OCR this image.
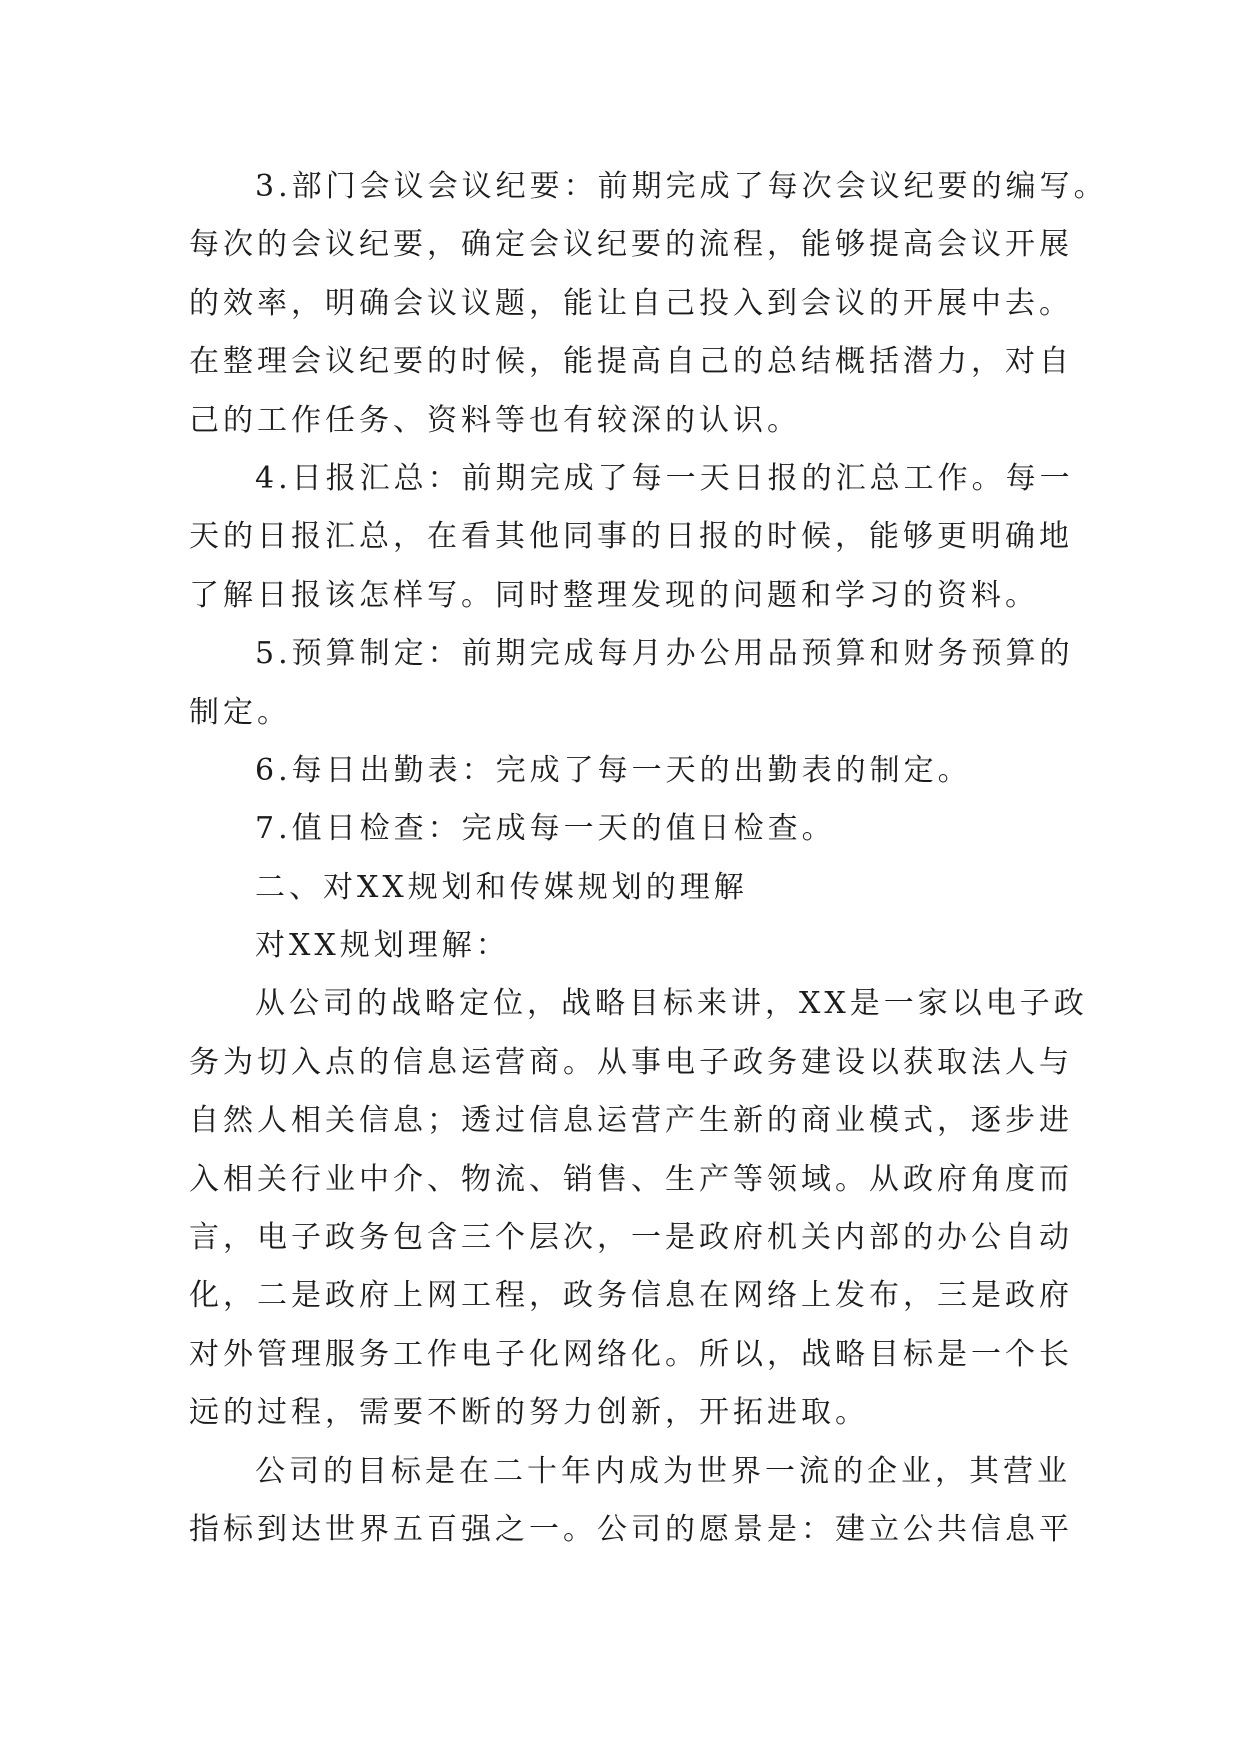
3.部门会议会议纪要：前期完成了每次会议纪要的编写。
每次的会议纪要，确定会议纪要的流程，能够提高会议开展
的效率，明确会议议题，能让自己投入到会议的开展中去。
在整理会议纪要的时候，能提高自己的总结概括潜力，对自
己的工作任务、资料等也有较深的认识。
4.日报汇总：前期完成了每一天日报的汇总工作。每一
天的日报汇总，在看其他同事的日报的时候，能够更明确地
了解日报该怎样写。同时整理发现的问题和学习的资料。
5.预算制定：前期完成每月办公用品预算和财务预算的
制定。
6.每日出勤表：完成了每一天的出勤表的制定。
7.值日检查：完成每一天的值日检查。
二、对XX规划和传媒规划的理解
对XX规划理解：
从公司的战略定位，战略目标来讲，XX是一家以电子政
务为切入点的信息运营商。从事电子政务建设以获取法人与
自然人相关信息；透过信息运营产生新的商业模式，逐步进
入相关行业中介、物流、销售、生产等领域。从政府角度而
言，电子政务包含三个层次，一是政府机关内部的办公自动
化，二是政府上网工程，政务信息在网络上发布，三是政府
对外管理服务工作电子化网络化。所以，战略目标是一个长
远的过程，需要不断的努力创新，开拓进取。
公司的目标是在二十年内成为世界一流的企业，其营业
指标到达世界五百强之一。公司的愿景是：建立公共信息平
